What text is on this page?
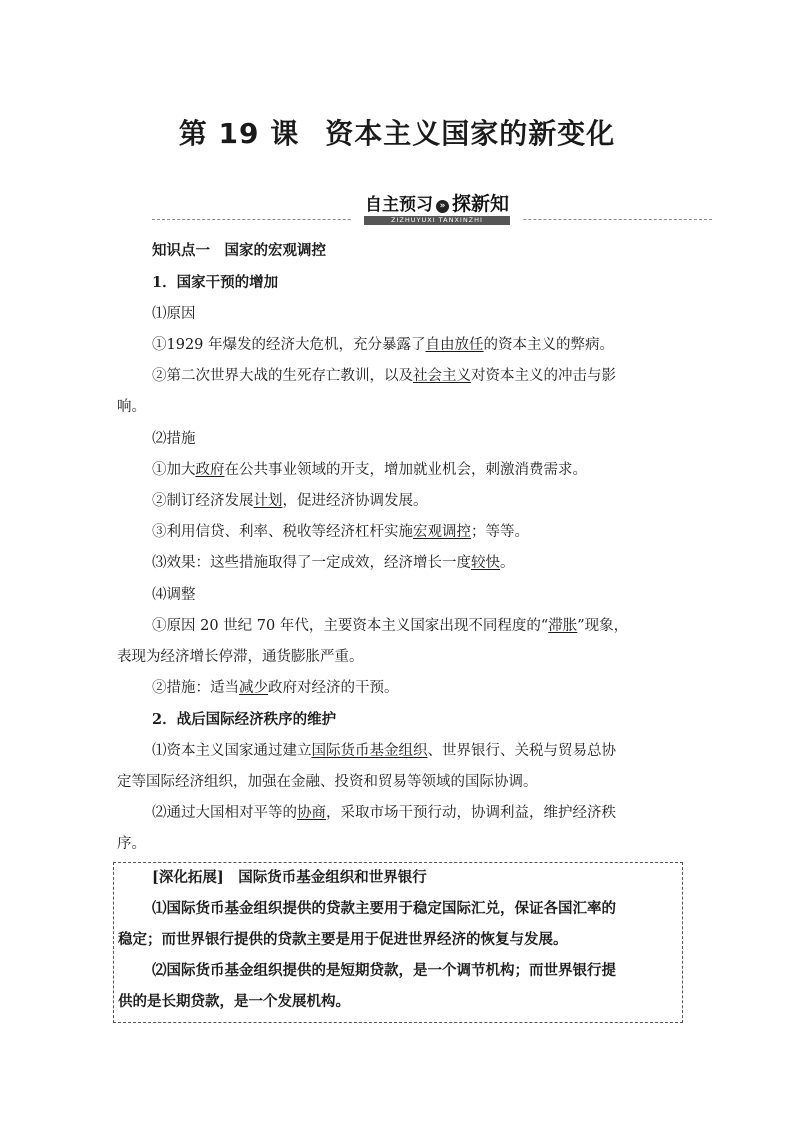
第 19 课 资本主义国家的新变化
自主预习 » 探新知
ZIZHUYUXI TANXINZHI
知识点一　国家的宏观调控
1．国家干预的增加
⑴原因
①1929 年爆发的经济大危机，充分暴露了自由放任的资本主义的弊病。
②第二次世界大战的生死存亡教训，以及社会主义对资本主义的冲击与影
响。
⑵措施
①加大政府在公共事业领域的开支，增加就业机会，刺激消费需求。
②制订经济发展计划，促进经济协调发展。
③利用信贷、利率、税收等经济杠杆实施宏观调控；等等。
⑶效果：这些措施取得了一定成效，经济增长一度较快。
⑷调整
①原因 20 世纪 70 年代，主要资本主义国家出现不同程度的“滞胀”现象，
表现为经济增长停滞，通货膨胀严重。
②措施：适当减少政府对经济的干预。
2．战后国际经济秩序的维护
⑴资本主义国家通过建立国际货币基金组织、世界银行、关税与贸易总协
定等国际经济组织，加强在金融、投资和贸易等领域的国际协调。
⑵通过大国相对平等的协商，采取市场干预行动，协调利益，维护经济秩
序。
[深化拓展]　国际货币基金组织和世界银行
⑴国际货币基金组织提供的贷款主要用于稳定国际汇兑，保证各国汇率的
稳定；而世界银行提供的贷款主要是用于促进世界经济的恢复与发展。
⑵国际货币基金组织提供的是短期贷款，是一个调节机构；而世界银行提
供的是长期贷款，是一个发展机构。
